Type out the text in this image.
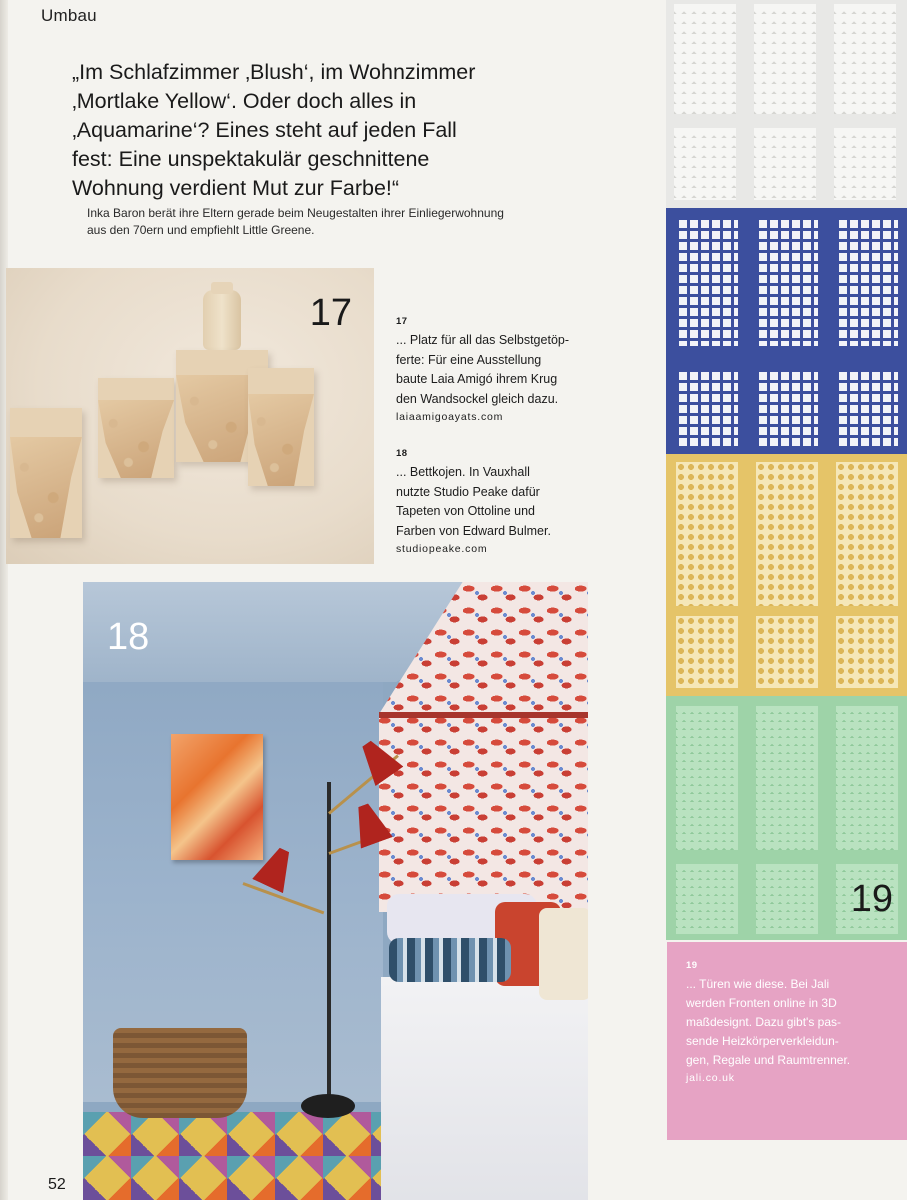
Umbau

„Im Schlafzimmer ‚Blush‘, im Wohnzimmer
‚Mortlake Yellow‘. Oder doch alles in
‚Aquamarine‘? Eines steht auf jeden Fall
fest: Eine unspektakulär geschnittene
Wohnung verdient Mut zur Farbe!“

Inka Baron berät ihre Eltern gerade beim Neugestalten ihrer Einliegerwohnung
aus den 70ern und empfiehlt Little Greene.

17	17

... Platz für all das Selbstgetöp-
ferte: Für eine Ausstellung
baute Laia Amigó ihrem Krug
den Wandsockel gleich dazu.

laiaamigoayats.com

18

... Bettkojen. In Vauxhall
nutzte Studio Peake dafür
Tapeten von Ottoline und
Farben von Edward Bulmer.

studiopeake.com

18
19

19

... Türen wie diese. Bei Jali
werden Fronten online in 3D
maßdesignt. Dazu gibt's pas-
sende Heizkörperverkleidun-
gen, Regale und Raumtrenner.

jali.co.uk

52
